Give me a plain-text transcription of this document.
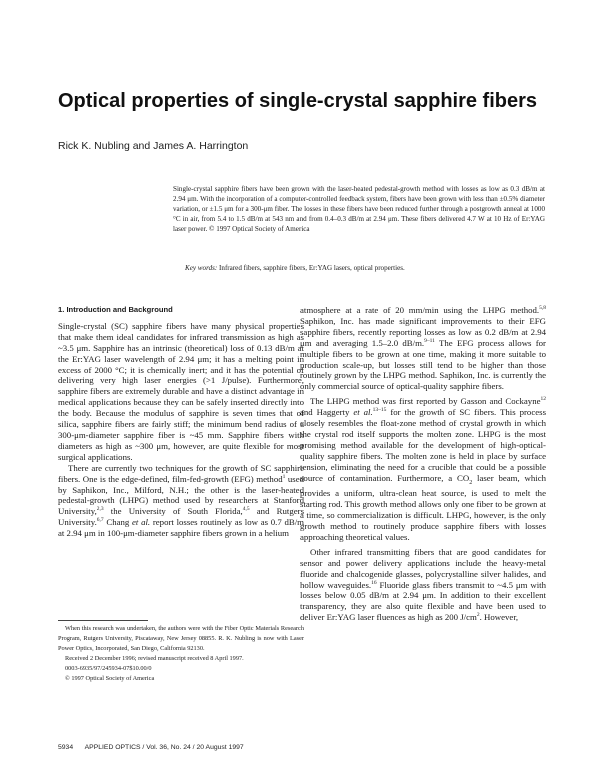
Optical properties of single-crystal sapphire fibers
Rick K. Nubling and James A. Harrington

Single-crystal sapphire fibers have been grown with the laser-heated pedestal-growth method with losses as low as 0.3 dB/m at 2.94 μm. With the incorporation of a computer-controlled feedback system, fibers have been grown with less than ±0.5% diameter variation, or ±1.5 μm for a 300-μm fiber. The losses in these fibers have been reduced further through a postgrowth anneal at 1000 °C in air, from 5.4 to 1.5 dB/m at 543 nm and from 0.4–0.3 dB/m at 2.94 μm. These fibers delivered 4.7 W at 10 Hz of Er:YAG laser power. © 1997 Optical Society of America

Key words: Infrared fibers, sapphire fibers, Er:YAG lasers, optical properties.

1. Introduction and Background

Single-crystal (SC) sapphire fibers have many physical properties that make them ideal candidates for infrared transmission as high as ~3.5 μm. Sapphire has an intrinsic (theoretical) loss of 0.13 dB/m at the Er:YAG laser wavelength of 2.94 μm; it has a melting point in excess of 2000 °C; it is chemically inert; and it has the potential of delivering very high laser energies (>1 J/pulse). Furthermore, sapphire fibers are extremely durable and have a distinct advantage in medical applications because they can be safely inserted directly into the body. Because the modulus of sapphire is seven times that of silica, sapphire fibers are fairly stiff; the minimum bend radius of a 300-μm-diameter sapphire fiber is ~45 mm. Sapphire fibers with diameters as high as ~300 μm, however, are quite flexible for most surgical applications.

There are currently two techniques for the growth of SC sapphire fibers. One is the edge-defined, film-fed-growth (EFG) method$^1$ used by Saphikon, Inc., Milford, N.H.; the other is the laser-heated pedestal-growth (LHPG) method used by researchers at Stanford University,$^{2,3}$ the University of South Florida,$^{4,5}$ and Rutgers University.$^{6,7}$ Chang et al. report losses routinely as low as 0.7 dB/m at 2.94 μm in 100-μm-diameter sapphire fibers grown in a helium

atmosphere at a rate of 20 mm/min using the LHPG method.$^{5,8}$ Saphikon, Inc. has made significant improvements to their EFG sapphire fibers, recently reporting losses as low as 0.2 dB/m at 2.94 μm and averaging 1.5–2.0 dB/m.$^{9-11}$ The EFG process allows for multiple fibers to be grown at one time, making it more suitable to production scale-up, but losses still tend to be higher than those routinely grown by the LHPG method. Saphikon, Inc. is currently the only commercial source of optical-quality sapphire fibers.

The LHPG method was first reported by Gasson and Cockayne$^{12}$ and Haggerty et al.$^{13-15}$ for the growth of SC fibers. This process closely resembles the float-zone method of crystal growth in which the crystal rod itself supports the molten zone. LHPG is the most promising method available for the development of high-optical-quality sapphire fibers. The molten zone is held in place by surface tension, eliminating the need for a crucible that could be a possible source of contamination. Furthermore, a $CO_2$ laser beam, which provides a uniform, ultra-clean heat source, is used to melt the starting rod. This growth method allows only one fiber to be grown at a time, so commercialization is difficult. LHPG, however, is the only growth method to routinely produce sapphire fibers with losses approaching theoretical values.

Other infrared transmitting fibers that are good candidates for sensor and power delivery applications include the heavy-metal fluoride and chalcogenide glasses, polycrystalline silver halides, and hollow waveguides.$^{16}$ Fluoride glass fibers transmit to ~4.5 μm with losses below 0.05 dB/m at 2.94 μm. In addition to their excellent transparency, they are also quite flexible and have been used to deliver Er:YAG laser fluences as high as 200 $J/cm^2$. However,

When this research was undertaken, the authors were with the Fiber Optic Materials Research Program, Rutgers University, Piscataway, New Jersey 08855. R. K. Nubling is now with Laser Power Optics, Incorporated, San Diego, California 92130.

Received 2 December 1996; revised manuscript received 8 April 1997.

0003-6935/97/245934-07$10.00/0

© 1997 Optical Society of America

5934 APPLIED OPTICS / Vol. 36, No. 24 / 20 August 1997
